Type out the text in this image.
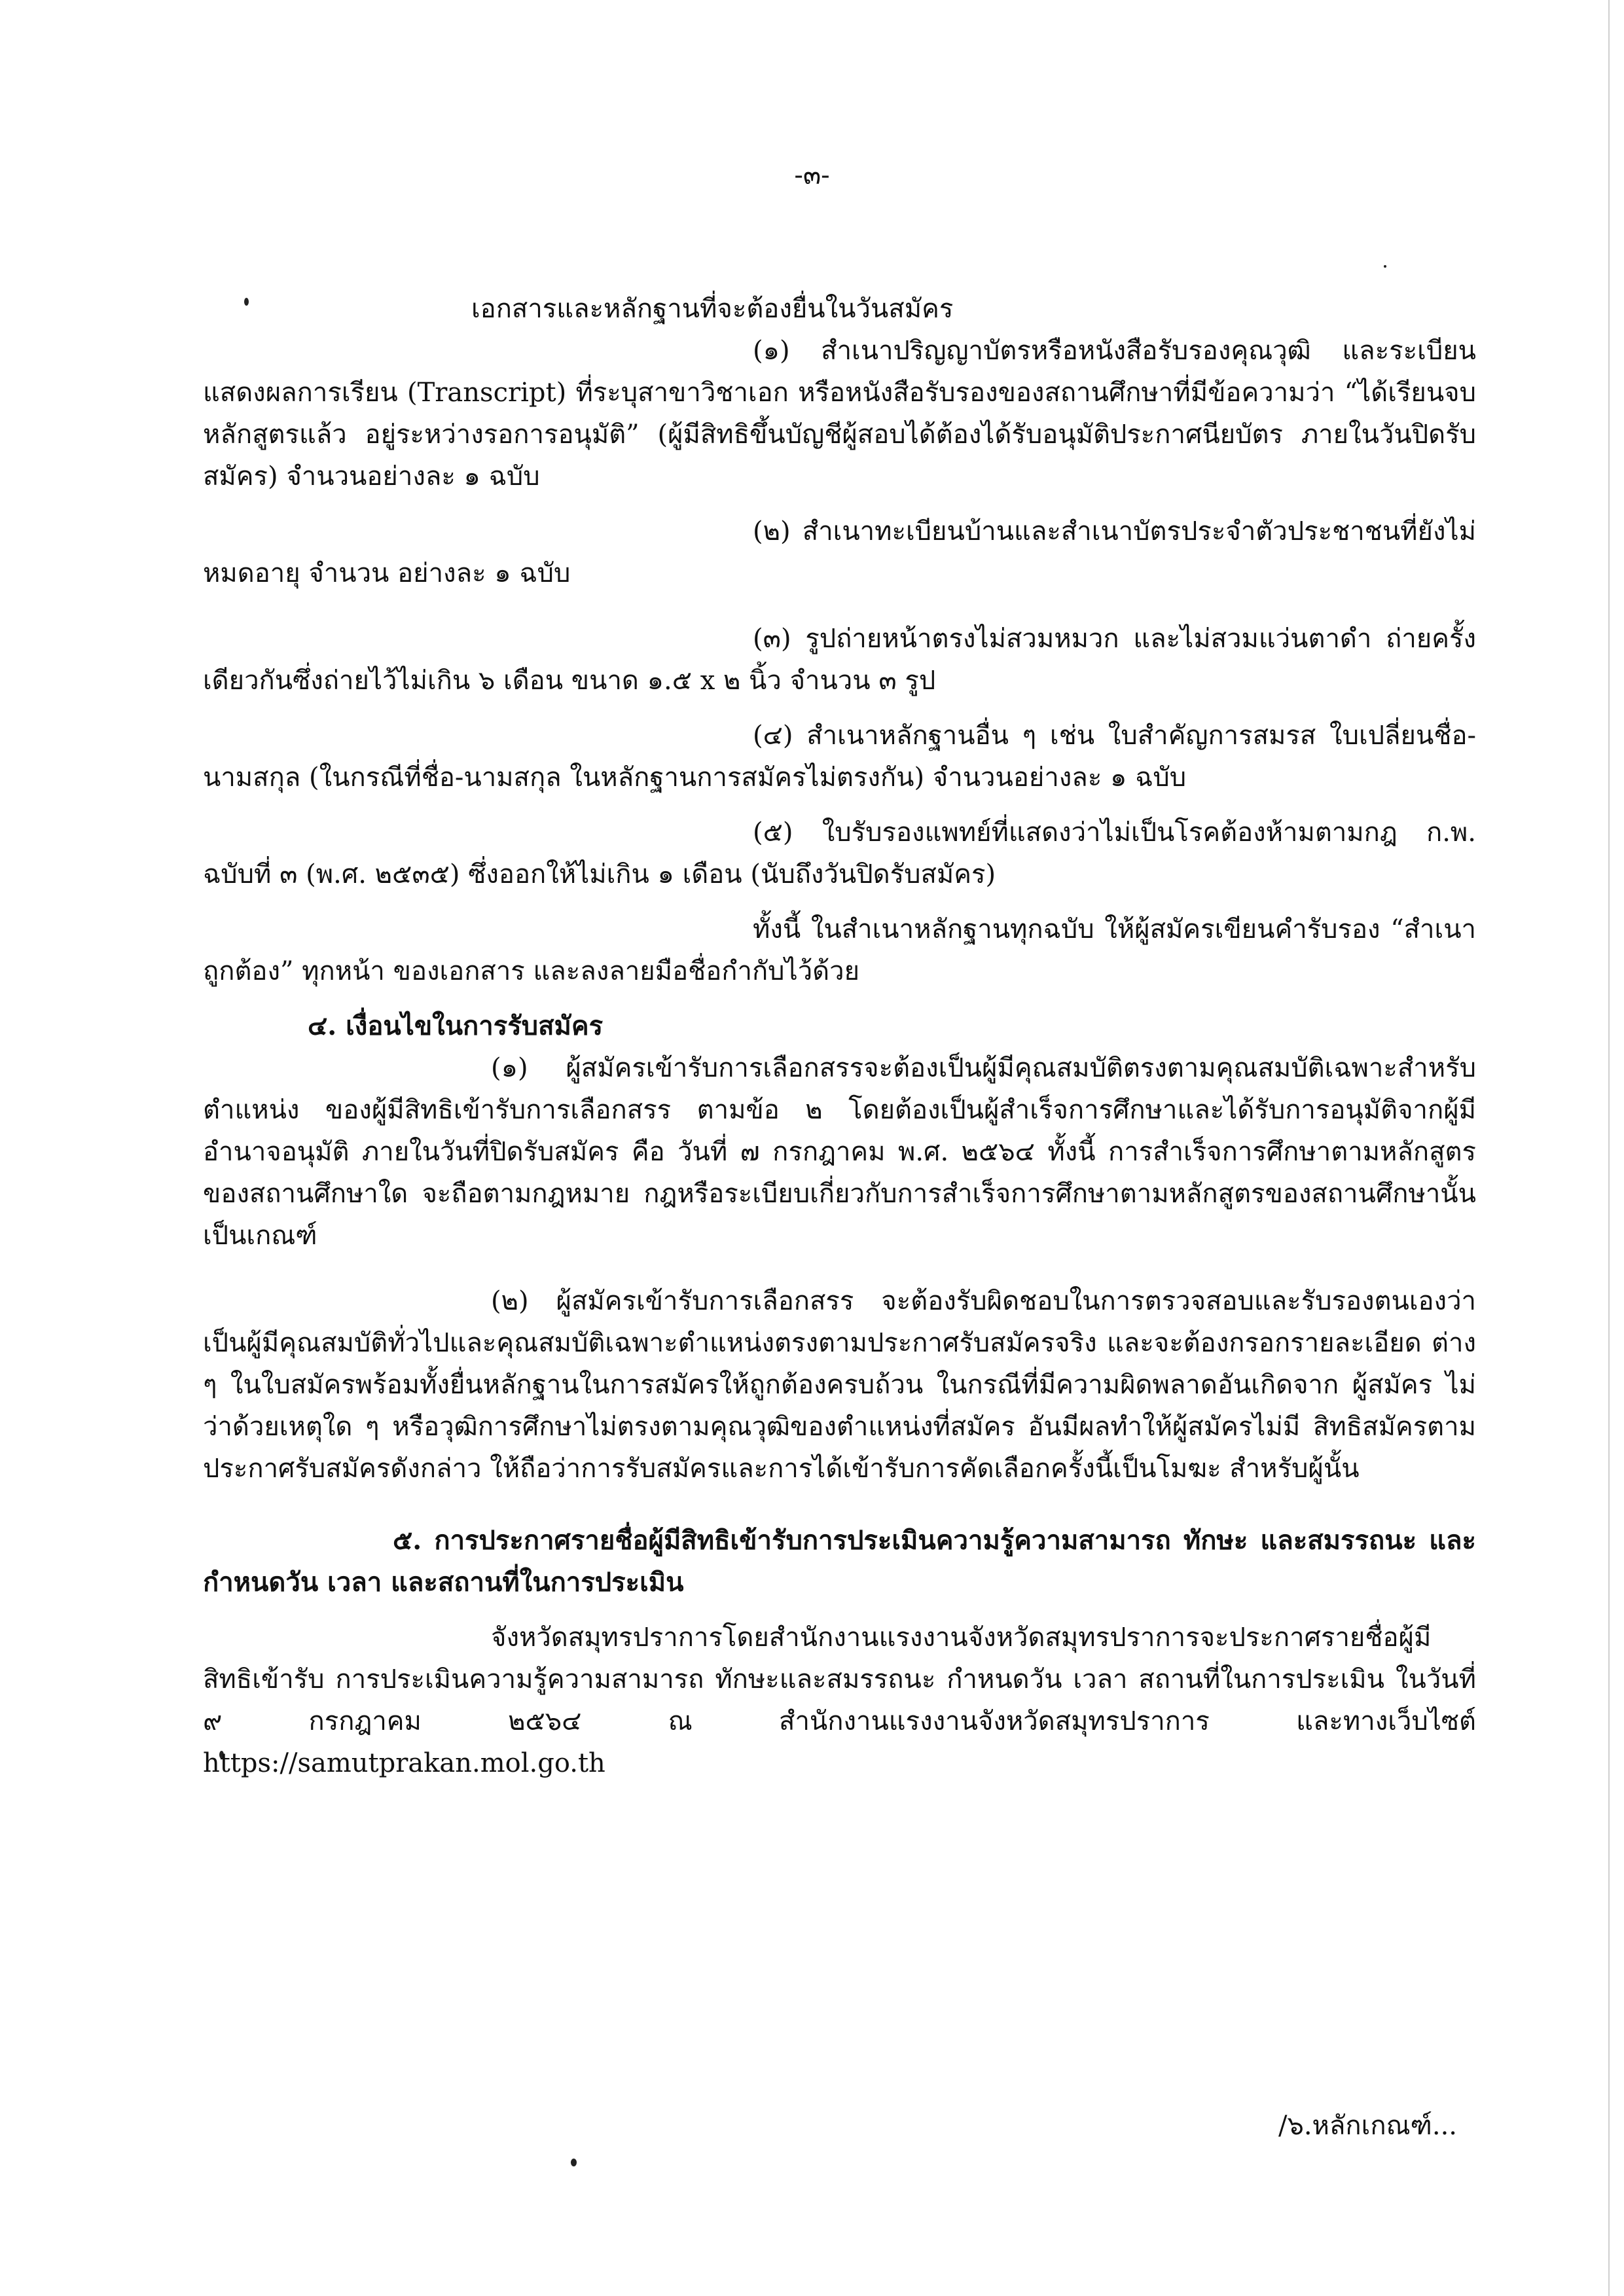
-๓-

เอกสารและหลักฐานที่จะต้องยื่นในวันสมัคร

(๑) สำเนาปริญญาบัตรหรือหนังสือรับรองคุณวุฒิ และระเบียนแสดงผลการเรียน (Transcript) ที่ระบุสาขาวิชาเอก หรือหนังสือรับรองของสถานศึกษาที่มีข้อความว่า “ได้เรียนจบหลักสูตรแล้ว อยู่ระหว่างรอการอนุมัติ” (ผู้มีสิทธิขึ้นบัญชีผู้สอบได้ต้องได้รับอนุมัติประกาศนียบัตร ภายในวันปิดรับสมัคร) จำนวนอย่างละ ๑ ฉบับ

(๒) สำเนาทะเบียนบ้านและสำเนาบัตรประจำตัวประชาชนที่ยังไม่หมดอายุ จำนวน อย่างละ ๑ ฉบับ

(๓) รูปถ่ายหน้าตรงไม่สวมหมวก และไม่สวมแว่นตาดำ ถ่ายครั้งเดียวกันซึ่งถ่ายไว้ไม่เกิน ๖ เดือน ขนาด ๑.๕ x ๒ นิ้ว จำนวน ๓ รูป

(๔) สำเนาหลักฐานอื่น ๆ เช่น ใบสำคัญการสมรส ใบเปลี่ยนชื่อ-นามสกุล (ในกรณีที่ชื่อ-นามสกุล ในหลักฐานการสมัครไม่ตรงกัน) จำนวนอย่างละ ๑ ฉบับ

(๕) ใบรับรองแพทย์ที่แสดงว่าไม่เป็นโรคต้องห้ามตามกฎ ก.พ. ฉบับที่ ๓ (พ.ศ. ๒๕๓๕) ซึ่งออกให้ไม่เกิน ๑ เดือน (นับถึงวันปิดรับสมัคร)

ทั้งนี้ ในสำเนาหลักฐานทุกฉบับ ให้ผู้สมัครเขียนคำรับรอง “สำเนาถูกต้อง” ทุกหน้า ของเอกสาร และลงลายมือชื่อกำกับไว้ด้วย

๔. เงื่อนไขในการรับสมัคร

(๑) ผู้สมัครเข้ารับการเลือกสรรจะต้องเป็นผู้มีคุณสมบัติตรงตามคุณสมบัติเฉพาะสำหรับตำแหน่ง ของผู้มีสิทธิเข้ารับการเลือกสรร ตามข้อ ๒ โดยต้องเป็นผู้สำเร็จการศึกษาและได้รับการอนุมัติจากผู้มีอำนาจอนุมัติ ภายในวันที่ปิดรับสมัคร คือ วันที่ ๗ กรกฎาคม พ.ศ. ๒๕๖๔ ทั้งนี้ การสำเร็จการศึกษาตามหลักสูตรของสถานศึกษาใด จะถือตามกฎหมาย กฎหรือระเบียบเกี่ยวกับการสำเร็จการศึกษาตามหลักสูตรของสถานศึกษานั้นเป็นเกณฑ์

(๒) ผู้สมัครเข้ารับการเลือกสรร จะต้องรับผิดชอบในการตรวจสอบและรับรองตนเองว่า เป็นผู้มีคุณสมบัติทั่วไปและคุณสมบัติเฉพาะตำแหน่งตรงตามประกาศรับสมัครจริง และจะต้องกรอกรายละเอียด ต่าง ๆ ในใบสมัครพร้อมทั้งยื่นหลักฐานในการสมัครให้ถูกต้องครบถ้วน ในกรณีที่มีความผิดพลาดอันเกิดจาก ผู้สมัคร ไม่ว่าด้วยเหตุใด ๆ หรือวุฒิการศึกษาไม่ตรงตามคุณวุฒิของตำแหน่งที่สมัคร อันมีผลทำให้ผู้สมัครไม่มี สิทธิสมัครตามประกาศรับสมัครดังกล่าว ให้ถือว่าการรับสมัครและการได้เข้ารับการคัดเลือกครั้งนี้เป็นโมฆะ สำหรับผู้นั้น

๕. การประกาศรายชื่อผู้มีสิทธิเข้ารับการประเมินความรู้ความสามารถ ทักษะ และสมรรถนะ และกำหนดวัน เวลา และสถานที่ในการประเมิน

จังหวัดสมุทรปราการโดยสำนักงานแรงงานจังหวัดสมุทรปราการจะประกาศรายชื่อผู้มีสิทธิเข้ารับ การประเมินความรู้ความสามารถ ทักษะและสมรรถนะ กำหนดวัน เวลา สถานที่ในการประเมิน ในวันที่ ๙ กรกฎาคม ๒๕๖๔ ณ สำนักงานแรงงานจังหวัดสมุทรปราการ และทางเว็บไซต์ https://samutprakan.mol.go.th

/๖.หลักเกณฑ์...
